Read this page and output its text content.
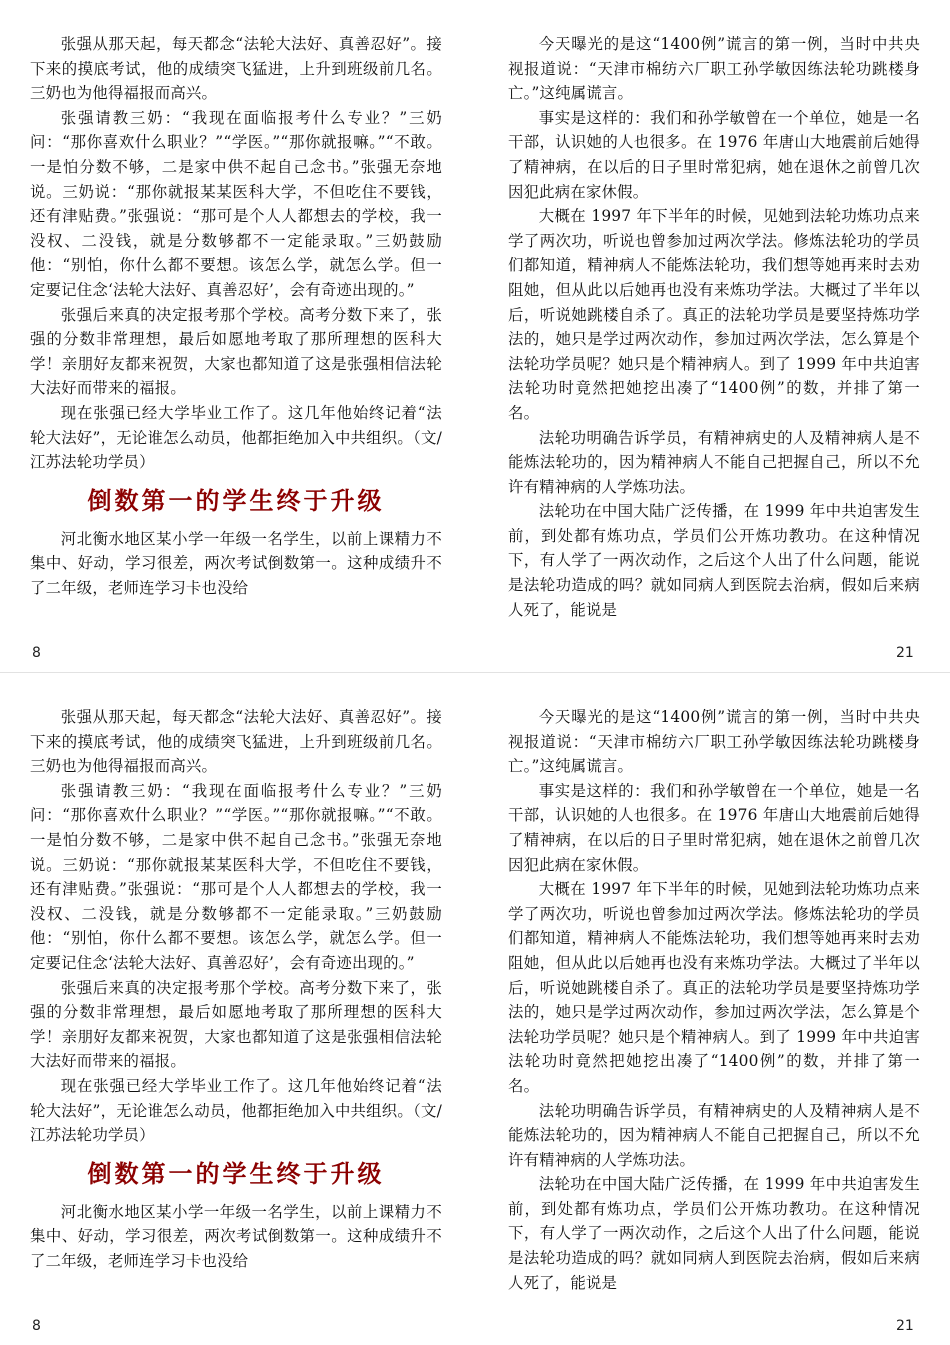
张强从那天起，每天都念“法轮大法好、真善忍好”。接下来的摸底考试，他的成绩突飞猛进，上升到班级前几名。三奶也为他得福报而高兴。

张强请教三奶：“我现在面临报考什么专业？”三奶问：“那你喜欢什么职业？”“学医。”“那你就报嘛。”“不敢。一是怕分数不够，二是家中供不起自己念书。”张强无奈地说。三奶说：“那你就报某某医科大学，不但吃住不要钱，还有津贴费。”张强说：“那可是个人人都想去的学校，我一没权、二没钱，就是分数够都不一定能录取。”三奶鼓励他：“别怕，你什么都不要想。该怎么学，就怎么学。但一定要记住念‘法轮大法好、真善忍好’，会有奇迹出现的。”

张强后来真的决定报考那个学校。高考分数下来了，张强的分数非常理想，最后如愿地考取了那所理想的医科大学！亲朋好友都来祝贺，大家也都知道了这是张强相信法轮大法好而带来的福报。

现在张强已经大学毕业工作了。这几年他始终记着“法轮大法好”，无论谁怎么动员，他都拒绝加入中共组织。（文/江苏法轮功学员）

倒数第一的学生终于升级

河北衡水地区某小学一年级一名学生，以前上课精力不集中、好动，学习很差，两次考试倒数第一。这种成绩升不了二年级，老师连学习卡也没给

8

今天曝光的是这“1400例”谎言的第一例，当时中共央视报道说：“天津市棉纺六厂职工孙学敏因练法轮功跳楼身亡。”这纯属谎言。

事实是这样的：我们和孙学敏曾在一个单位，她是一名干部，认识她的人也很多。在 1976 年唐山大地震前后她得了精神病，在以后的日子里时常犯病，她在退休之前曾几次因犯此病在家休假。

大概在 1997 年下半年的时候，见她到法轮功炼功点来学了两次功，听说也曾参加过两次学法。修炼法轮功的学员们都知道，精神病人不能炼法轮功，我们想等她再来时去劝阻她，但从此以后她再也没有来炼功学法。大概过了半年以后，听说她跳楼自杀了。真正的法轮功学员是要坚持炼功学法的，她只是学过两次动作，参加过两次学法，怎么算是个法轮功学员呢？她只是个精神病人。到了 1999 年中共迫害法轮功时竟然把她挖出凑了“1400例”的数，并排了第一名。

法轮功明确告诉学员，有精神病史的人及精神病人是不能炼法轮功的，因为精神病人不能自己把握自己，所以不允许有精神病的人学炼功法。

法轮功在中国大陆广泛传播，在 1999 年中共迫害发生前，到处都有炼功点，学员们公开炼功教功。在这种情况下，有人学了一两次动作，之后这个人出了什么问题，能说是法轮功造成的吗？就如同病人到医院去治病，假如后来病人死了，能说是

21

张强从那天起，每天都念“法轮大法好、真善忍好”。接下来的摸底考试，他的成绩突飞猛进，上升到班级前几名。三奶也为他得福报而高兴。

张强请教三奶：“我现在面临报考什么专业？”三奶问：“那你喜欢什么职业？”“学医。”“那你就报嘛。”“不敢。一是怕分数不够，二是家中供不起自己念书。”张强无奈地说。三奶说：“那你就报某某医科大学，不但吃住不要钱，还有津贴费。”张强说：“那可是个人人都想去的学校，我一没权、二没钱，就是分数够都不一定能录取。”三奶鼓励他：“别怕，你什么都不要想。该怎么学，就怎么学。但一定要记住念‘法轮大法好、真善忍好’，会有奇迹出现的。”

张强后来真的决定报考那个学校。高考分数下来了，张强的分数非常理想，最后如愿地考取了那所理想的医科大学！亲朋好友都来祝贺，大家也都知道了这是张强相信法轮大法好而带来的福报。

现在张强已经大学毕业工作了。这几年他始终记着“法轮大法好”，无论谁怎么动员，他都拒绝加入中共组织。（文/江苏法轮功学员）

倒数第一的学生终于升级

河北衡水地区某小学一年级一名学生，以前上课精力不集中、好动，学习很差，两次考试倒数第一。这种成绩升不了二年级，老师连学习卡也没给

8

今天曝光的是这“1400例”谎言的第一例，当时中共央视报道说：“天津市棉纺六厂职工孙学敏因练法轮功跳楼身亡。”这纯属谎言。

事实是这样的：我们和孙学敏曾在一个单位，她是一名干部，认识她的人也很多。在 1976 年唐山大地震前后她得了精神病，在以后的日子里时常犯病，她在退休之前曾几次因犯此病在家休假。

大概在 1997 年下半年的时候，见她到法轮功炼功点来学了两次功，听说也曾参加过两次学法。修炼法轮功的学员们都知道，精神病人不能炼法轮功，我们想等她再来时去劝阻她，但从此以后她再也没有来炼功学法。大概过了半年以后，听说她跳楼自杀了。真正的法轮功学员是要坚持炼功学法的，她只是学过两次动作，参加过两次学法，怎么算是个法轮功学员呢？她只是个精神病人。到了 1999 年中共迫害法轮功时竟然把她挖出凑了“1400例”的数，并排了第一名。

法轮功明确告诉学员，有精神病史的人及精神病人是不能炼法轮功的，因为精神病人不能自己把握自己，所以不允许有精神病的人学炼功法。

法轮功在中国大陆广泛传播，在 1999 年中共迫害发生前，到处都有炼功点，学员们公开炼功教功。在这种情况下，有人学了一两次动作，之后这个人出了什么问题，能说是法轮功造成的吗？就如同病人到医院去治病，假如后来病人死了，能说是

21
